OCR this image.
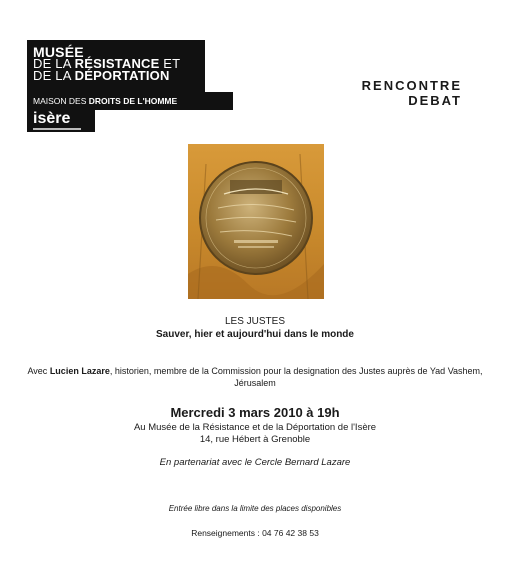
MUSÉE
DE LA RÉSISTANCE ET
DE LA DÉPORTATION
MAISON DES DROITS DE L'HOMME
isère
RENCONTRE
DEBAT
LES JUSTES
Sauver, hier et aujourd'hui dans le monde
Avec Lucien Lazare, historien, membre de la Commission pour la designation des Justes auprès de Yad Vashem, Jérusalem
Mercredi 3 mars 2010 à 19h
Au Musée de la Résistance et de la Déportation de l'Isère
14, rue Hébert à Grenoble
En partenariat avec le Cercle Bernard Lazare
Entrée libre dans la limite des places disponibles
Renseignements : 04 76 42 38 53
